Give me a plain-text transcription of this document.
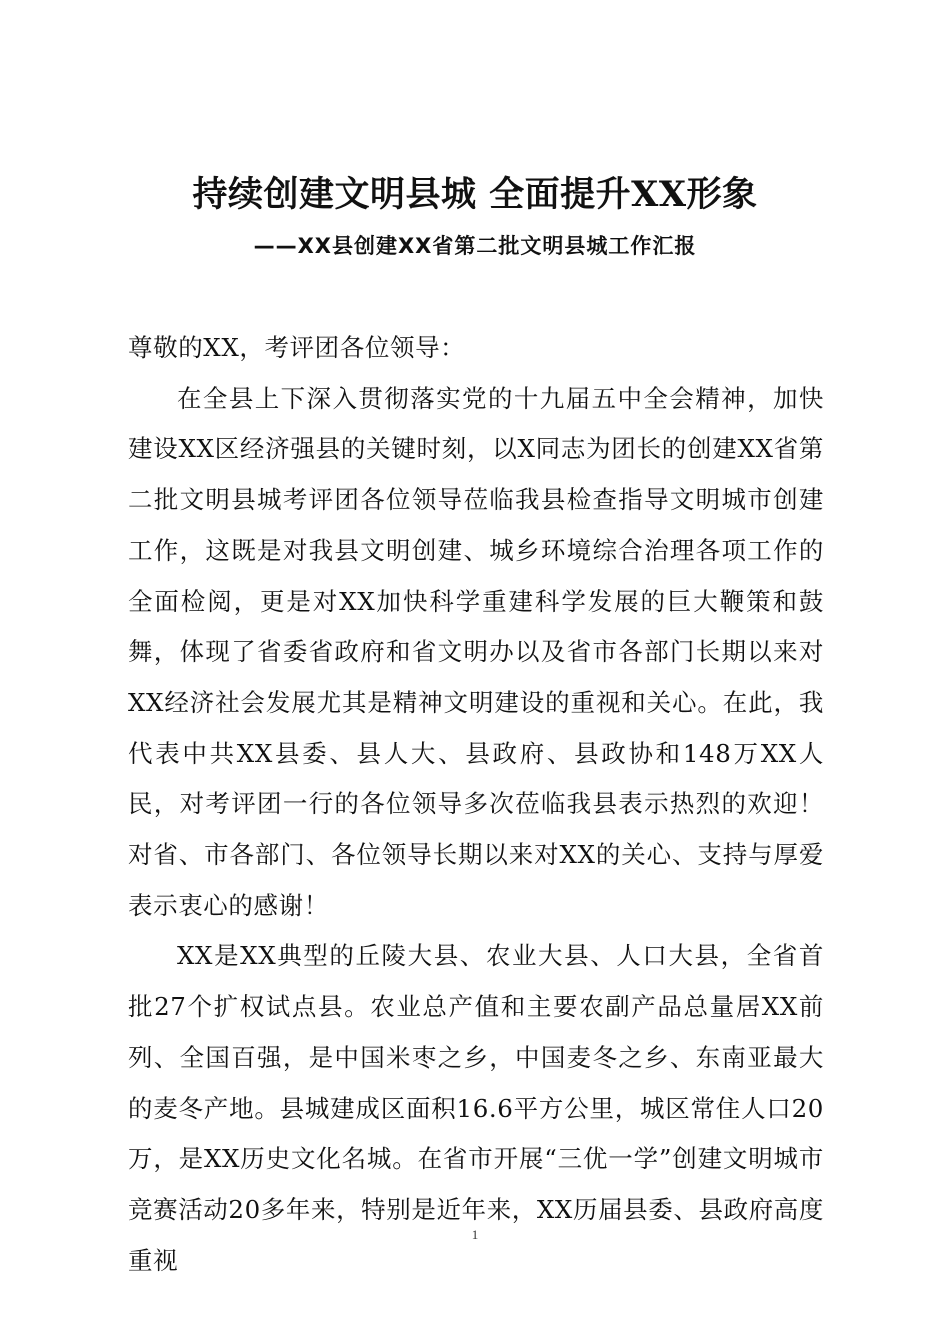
持续创建文明县城 全面提升XX形象
——XX县创建XX省第二批文明县城工作汇报

尊敬的XX，考评团各位领导：

在全县上下深入贯彻落实党的十九届五中全会精神，加快建设XX区经济强县的关键时刻，以X同志为团长的创建XX省第二批文明县城考评团各位领导莅临我县检查指导文明城市创建工作，这既是对我县文明创建、城乡环境综合治理各项工作的全面检阅，更是对XX加快科学重建科学发展的巨大鞭策和鼓舞，体现了省委省政府和省文明办以及省市各部门长期以来对XX经济社会发展尤其是精神文明建设的重视和关心。在此，我代表中共XX县委、县人大、县政府、县政协和148万XX人民，对考评团一行的各位领导多次莅临我县表示热烈的欢迎！对省、市各部门、各位领导长期以来对XX的关心、支持与厚爱表示衷心的感谢！

XX是XX典型的丘陵大县、农业大县、人口大县，全省首批27个扩权试点县。农业总产值和主要农副产品总量居XX前列、全国百强，是中国米枣之乡，中国麦冬之乡、东南亚最大的麦冬产地。县城建成区面积16.6平方公里，城区常住人口20万，是XX历史文化名城。在省市开展“三优一学”创建文明城市竞赛活动20多年来，特别是近年来，XX历届县委、县政府高度重视

1
